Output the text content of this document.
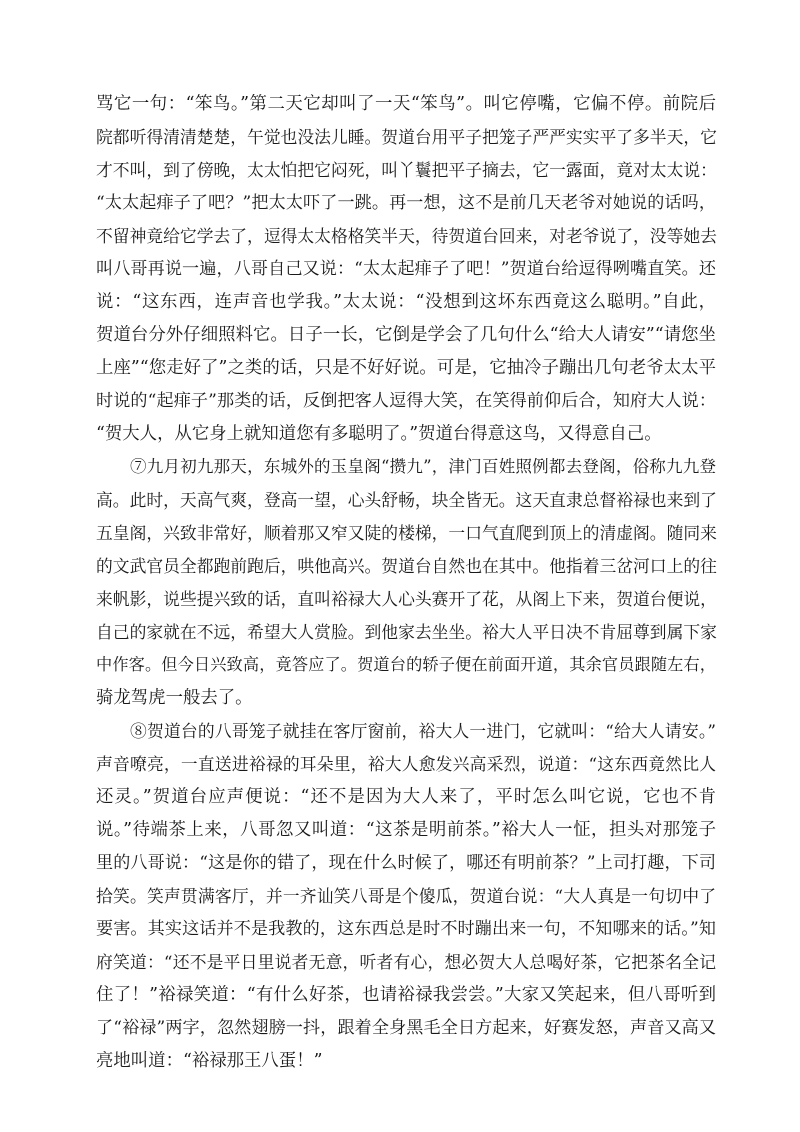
骂它一句：“笨鸟。”第二天它却叫了一天“笨鸟”。叫它停嘴，它偏不停。前院后
院都听得清清楚楚，午觉也没法儿睡。贺道台用平子把笼子严严实实平了多半天，它
才不叫，到了傍晚，太太怕把它闷死，叫丫鬟把平子摘去，它一露面，竟对太太说：
“太太起痱子了吧？”把太太吓了一跳。再一想，这不是前几天老爷对她说的话吗，
不留神竟给它学去了，逗得太太格格笑半天，待贺道台回来，对老爷说了，没等她去
叫八哥再说一遍，八哥自己又说：“太太起痱子了吧！”贺道台给逗得咧嘴直笑。还
说：“这东西，连声音也学我。”太太说：“没想到这坏东西竟这么聪明。”自此，
贺道台分外仔细照料它。日子一长，它倒是学会了几句什么“给大人请安”“请您坐
上座”“您走好了”之类的话，只是不好好说。可是，它抽冷子蹦出几句老爷太太平
时说的“起痱子”那类的话，反倒把客人逗得大笑，在笑得前仰后合，知府大人说：
“贺大人，从它身上就知道您有多聪明了。”贺道台得意这鸟，又得意自己。
⑦九月初九那天，东城外的玉皇阁“攒九”，津门百姓照例都去登阁，俗称九九登
高。此时，天高气爽，登高一望，心头舒畅，块全皆无。这天直隶总督裕禄也来到了
五皇阁，兴致非常好，顺着那又窄又陡的楼梯，一口气直爬到顶上的清虚阁。随同来
的文武官员全都跑前跑后，哄他高兴。贺道台自然也在其中。他指着三岔河口上的往
来帆影，说些提兴致的话，直叫裕禄大人心头赛开了花，从阁上下来，贺道台便说，
自己的家就在不远，希望大人赏脸。到他家去坐坐。裕大人平日决不肯屈尊到属下家
中作客。但今日兴致高，竟答应了。贺道台的轿子便在前面开道，其余官员跟随左右，
骑龙驾虎一般去了。
⑧贺道台的八哥笼子就挂在客厅窗前，裕大人一进门，它就叫：“给大人请安。”
声音嘹亮，一直送进裕禄的耳朵里，裕大人愈发兴高采烈，说道：“这东西竟然比人
还灵。”贺道台应声便说：“还不是因为大人来了，平时怎么叫它说，它也不肯
说。”待端茶上来，八哥忽又叫道：“这茶是明前茶。”裕大人一怔，担头对那笼子
里的八哥说：“这是你的错了，现在什么时候了，哪还有明前茶？”上司打趣，下司
拾笑。笑声贯满客厅，并一齐讪笑八哥是个傻瓜，贺道台说：“大人真是一句切中了
要害。其实这话并不是我教的，这东西总是时不时蹦出来一句，不知哪来的话。”知
府笑道：“还不是平日里说者无意，听者有心，想必贺大人总喝好茶，它把茶名全记
住了！”裕禄笑道：“有什么好茶，也请裕禄我尝尝。”大家又笑起来，但八哥听到
了“裕禄”两字，忽然翅膀一抖，跟着全身黑毛全日方起来，好赛发怒，声音又高又
亮地叫道：“裕禄那王八蛋！”
